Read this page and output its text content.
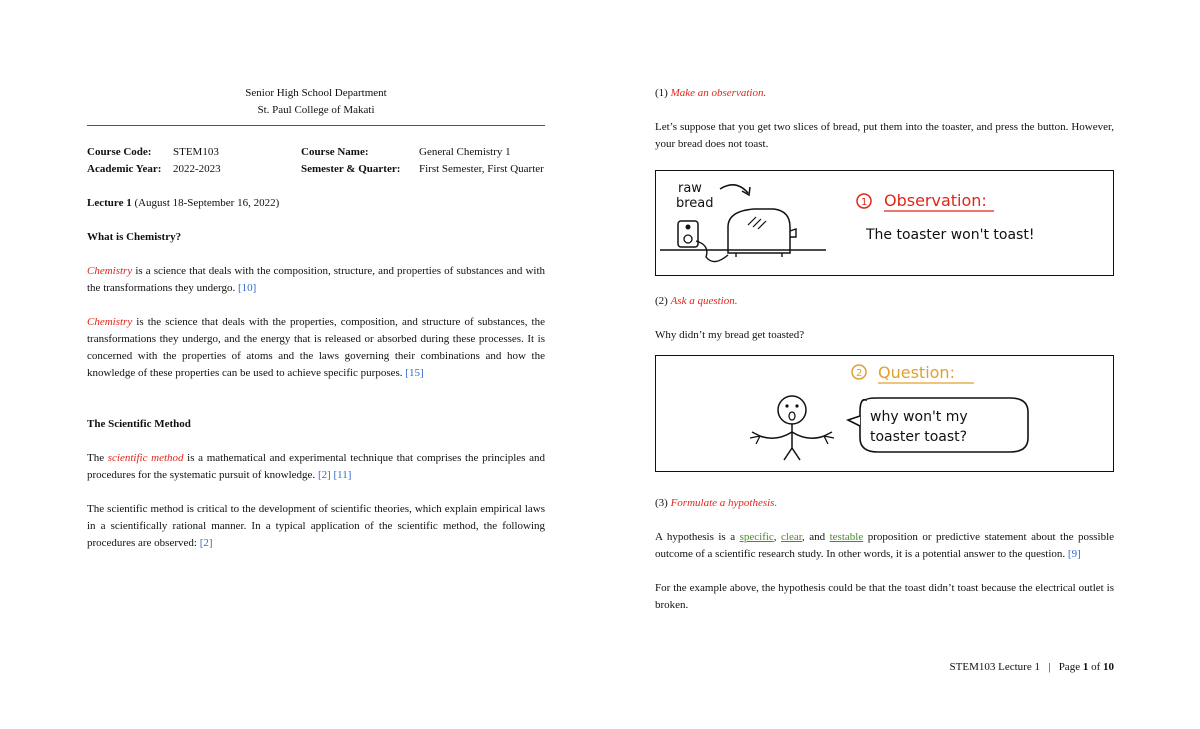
Senior High School Department
St. Paul College of Makati
Course Code:	STEM103	Course Name:	General Chemistry 1
Academic Year:	2022-2023	Semester & Quarter:	First Semester, First Quarter

Lecture 1 (August 18-September 16, 2022)

What is Chemistry?

Chemistry is a science that deals with the composition, structure, and properties of substances and with the transformations they undergo. [10]

Chemistry is the science that deals with the properties, composition, and structure of substances, the transformations they undergo, and the energy that is released or absorbed during these processes. It is concerned with the properties of atoms and the laws governing their combinations and how the knowledge of these properties can be used to achieve specific purposes. [15]

The Scientific Method

The scientific method is a mathematical and experimental technique that comprises the principles and procedures for the systematic pursuit of knowledge. [2] [11]

The scientific method is critical to the development of scientific theories, which explain empirical laws in a scientifically rational manner. In a typical application of the scientific method, the following procedures are observed: [2]

(1) Make an observation.

Let’s suppose that you get two slices of bread, put them into the toaster, and press the button. However, your bread does not toast.

raw
bread	1 Observation:
The toaster won't toast!

(2) Ask a question.

Why didn’t my bread get toasted?

2 Question:
why won't my
toaster toast?

(3) Formulate a hypothesis.

A hypothesis is a specific, clear, and testable proposition or predictive statement about the possible outcome of a scientific research study. In other words, it is a potential answer to the question. [9]

For the example above, the hypothesis could be that the toast didn’t toast because the electrical outlet is broken.

STEM103 Lecture 1 | Page 1 of 10
